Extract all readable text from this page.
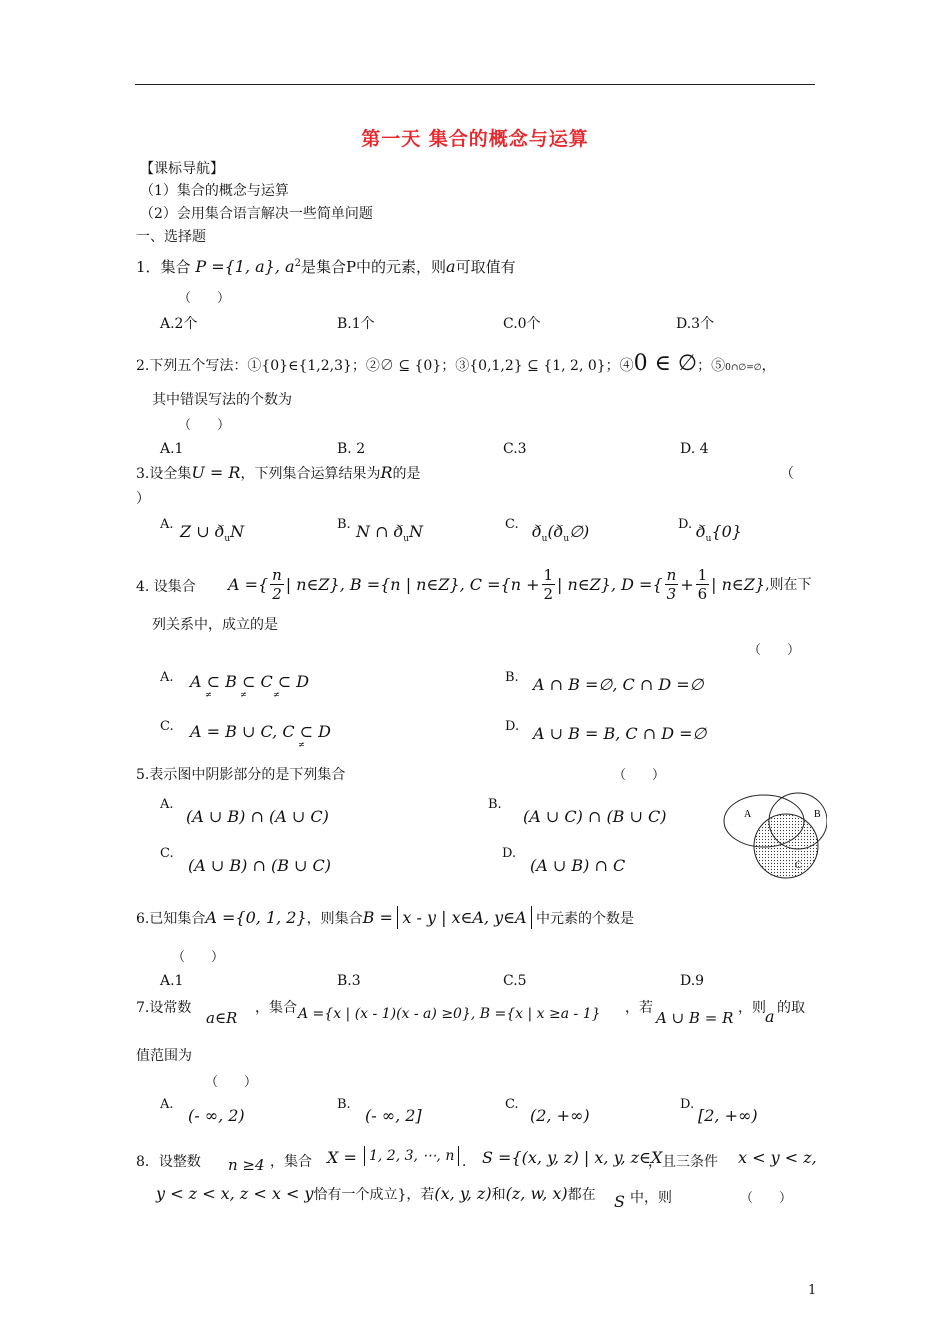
第一天 集合的概念与运算
【课标导航】
（1）集合的概念与运算
（2）会用集合语言解决一些简单问题
一、选择题
1．集合 P ={1, a}, $a^2$是集合P中的元素，则a可取值有
（　　）
A.2个	B.1个	C.0个	D.3个
2.下列五个写法：①{0}∈{1,2,3}；②∅ ⊆ {0}；③{0,1,2} ⊆ {1, 2, 0}；④0 ∈ ∅；⑤0∩∅=∅，
其中错误写法的个数为
（　　）
A.1	B. 2	C.3	D. 4
3.设全集U = R，下列集合运算结果为R的是	（
）
A. Z ∪ $ð_uN$	B. N ∩ $ð_uN$	C. $ð_u(ð_u\emptyset)$	D. $ð_u\{0\}$
4. 设集合 A ={ $\frac{n}{2}$ | n∈Z}, B ={n | n∈Z}, $C =\{n + \frac{1}{2}$ | n∈Z}, D ={ $\frac{n}{3} + \frac{1}{6}$ | n∈Z} ,则在下
列关系中，成立的是
（　　）
A. A ⊂ B ⊂ C ⊂ D
≠	≠	≠
B. A ∩ B =∅, C ∩ D =∅
C. A = B ∪ C, C ⊂ D
≠
D. A ∪ B = B, C ∩ D =∅
5.表示图中阴影部分的是下列集合	（　　）
A.
(A ∪ B) ∩ (A ∪ C)
B.
(A ∪ C) ∩ (B ∪ C)
C.
(A ∪ B) ∩ (B ∪ C)
D.
(A ∪ B) ∩ C
A	B
C
6.已知集合A ={0, 1, 2}，则集合B = x - y | x∈A, y∈A 中元素的个数是
（　　）
A.1	B.3	C.5	D.9
7.设常数
a∈R
，集合 A ={x | (x - 1)(x - a) ≥0}, B ={x | x ≥a - 1} ，若
A ∪ B = R
，则 a 的取
值范围为
（　　）
A.
(- ∞, 2)
B.
(- ∞, 2]
C.
(2, +∞)
D.
[2, +∞)
8．设整数 n ≥4 ，集合 X = 1, 2, 3, ⋯, n ． S ={(x, y, z) | x, y, z∈X
，且三条件 x < y < z,
y < z < x, z < x < y恰有一个成立}，若(x, y, z)和(z, w, x)都在 S 中，则	（　　）
1
